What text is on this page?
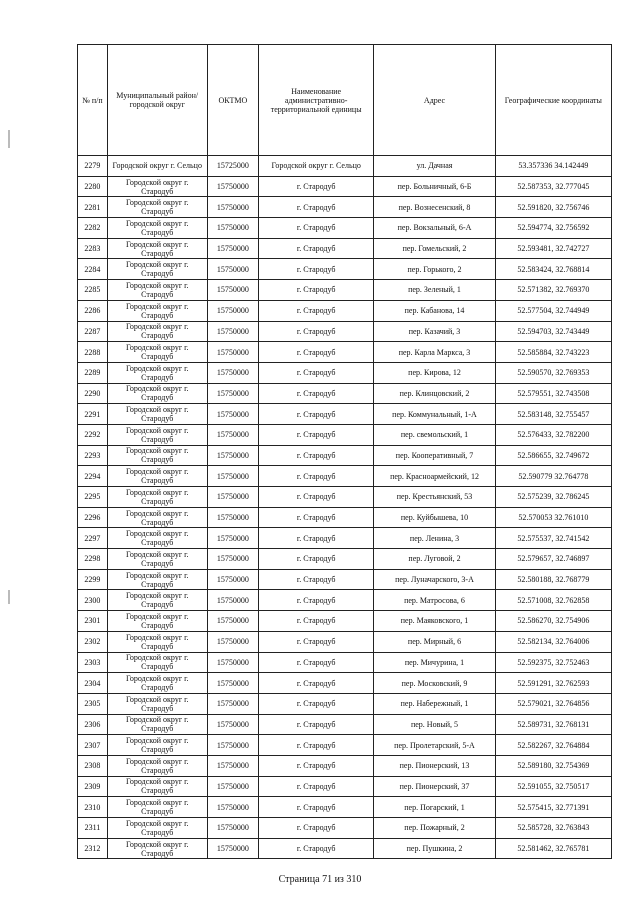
№ п/п	Муниципальный район/городской округ	ОКТМО	Наименование административно-территориальной единицы	Адрес	Географические координаты
2279	Городской округ г. Сельцо	15725000	Городской округ г. Сельцо	ул. Дачная	53.357336 34.142449
2280	Городской округ г. Стародуб	15750000	г. Стародуб	пер. Больничный, 6-Б	52.587353, 32.777045
2281	Городской округ г. Стародуб	15750000	г. Стародуб	пер. Вознесенский, 8	52.591820, 32.756746
2282	Городской округ г. Стародуб	15750000	г. Стародуб	пер. Вокзальный, 6-А	52.594774, 32.756592
2283	Городской округ г. Стародуб	15750000	г. Стародуб	пер. Гомельский, 2	52.593481, 32.742727
2284	Городской округ г. Стародуб	15750000	г. Стародуб	пер. Горького, 2	52.583424, 32.768814
2285	Городской округ г. Стародуб	15750000	г. Стародуб	пер. Зеленый, 1	52.571382, 32.769370
2286	Городской округ г. Стародуб	15750000	г. Стародуб	пер. Кабанова, 14	52.577504, 32.744949
2287	Городской округ г. Стародуб	15750000	г. Стародуб	пер. Казачий, 3	52.594703, 32.743449
2288	Городской округ г. Стародуб	15750000	г. Стародуб	пер. Карла Маркса, 3	52.585884, 32.743223
2289	Городской округ г. Стародуб	15750000	г. Стародуб	пер. Кирова, 12	52.590570, 32.769353
2290	Городской округ г. Стародуб	15750000	г. Стародуб	пер. Клинцовский, 2	52.579551, 32.743508
2291	Городской округ г. Стародуб	15750000	г. Стародуб	пер. Коммунальный, 1-А	52.583148, 32.755457
2292	Городской округ г. Стародуб	15750000	г. Стародуб	пер. свемольский, 1	52.576433, 32.782200
2293	Городской округ г. Стародуб	15750000	г. Стародуб	пер. Кооперативный, 7	52.586655, 32.749672
2294	Городской округ г. Стародуб	15750000	г. Стародуб	пер. Красноармейский, 12	52.590779 32.764778
2295	Городской округ г. Стародуб	15750000	г. Стародуб	пер. Крестьянский, 53	52.575239, 32.786245
2296	Городской округ г. Стародуб	15750000	г. Стародуб	пер. Куйбышева, 10	52.570053 32.761010
2297	Городской округ г. Стародуб	15750000	г. Стародуб	пер. Ленина, 3	52.575537, 32.741542
2298	Городской округ г. Стародуб	15750000	г. Стародуб	пер. Луговой, 2	52.579657, 32.746897
2299	Городской округ г. Стародуб	15750000	г. Стародуб	пер. Луначарского, 3-А	52.580188, 32.768779
2300	Городской округ г. Стародуб	15750000	г. Стародуб	пер. Матросова, 6	52.571008, 32.762858
2301	Городской округ г. Стародуб	15750000	г. Стародуб	пер. Маяковского, 1	52.586270, 32.754906
2302	Городской округ г. Стародуб	15750000	г. Стародуб	пер. Мирный, 6	52.582134, 32.764006
2303	Городской округ г. Стародуб	15750000	г. Стародуб	пер. Мичурина, 1	52.592375, 32.752463
2304	Городской округ г. Стародуб	15750000	г. Стародуб	пер. Московский, 9	52.591291, 32.762593
2305	Городской округ г. Стародуб	15750000	г. Стародуб	пер. Набережный, 1	52.579021, 32.764856
2306	Городской округ г. Стародуб	15750000	г. Стародуб	пер. Новый, 5	52.589731, 32.768131
2307	Городской округ г. Стародуб	15750000	г. Стародуб	пер. Пролетарский, 5-А	52.582267, 32.764884
2308	Городской округ г. Стародуб	15750000	г. Стародуб	пер. Пионерский, 13	52.589180, 32.754369
2309	Городской округ г. Стародуб	15750000	г. Стародуб	пер. Пионерский, 37	52.591055, 32.750517
2310	Городской округ г. Стародуб	15750000	г. Стародуб	пер. Погарский, 1	52.575415, 32.771391
2311	Городской округ г. Стародуб	15750000	г. Стародуб	пер. Пожарный, 2	52.585728, 32.763843
2312	Городской округ г. Стародуб	15750000	г. Стародуб	пер. Пушкина, 2	52.581462, 32.765781
Страница 71 из 310
